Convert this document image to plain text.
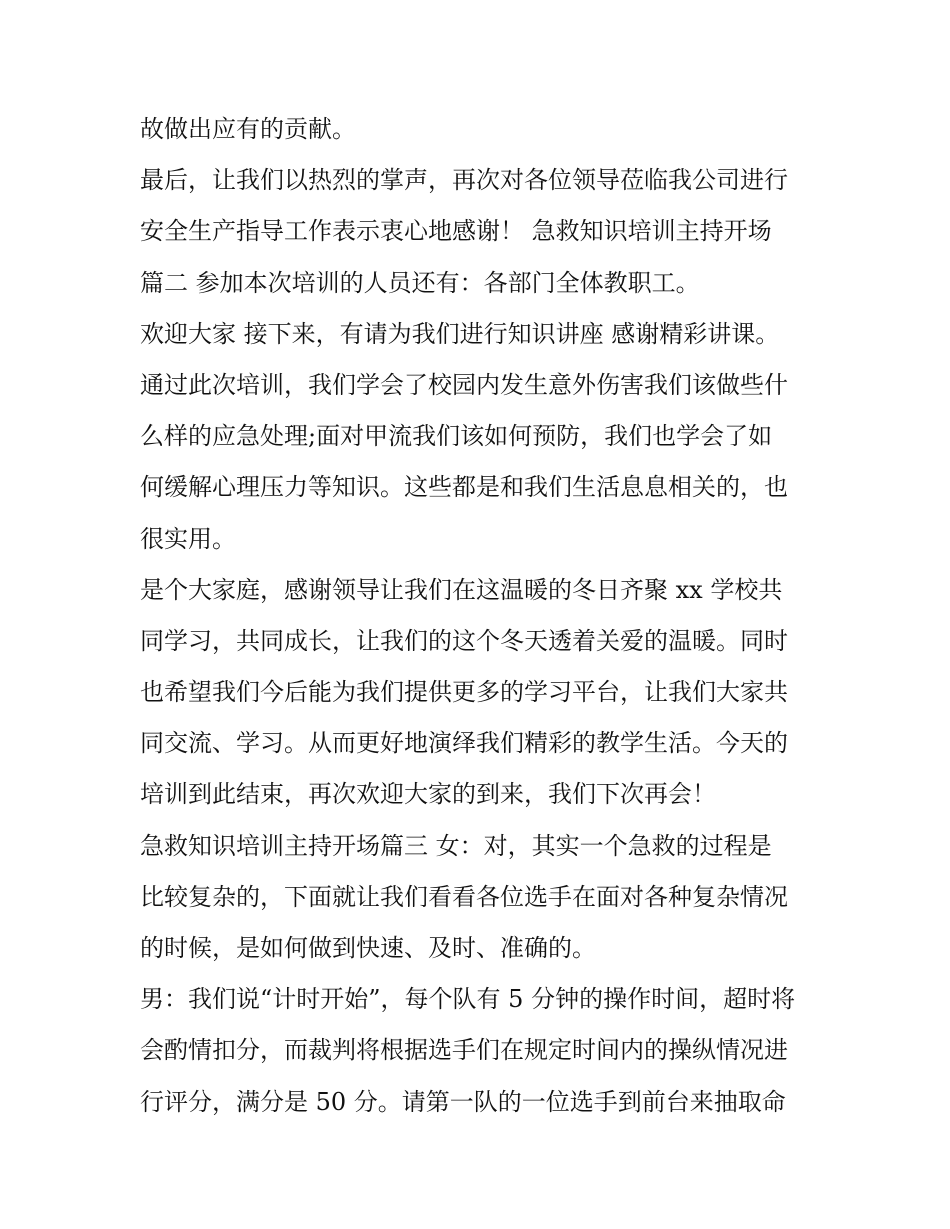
故做出应有的贡献。
最后，让我们以热烈的掌声，再次对各位领导莅临我公司进行
安全生产指导工作表示衷心地感谢！ 急救知识培训主持开场
篇二 参加本次培训的人员还有：各部门全体教职工。
欢迎大家 接下来，有请为我们进行知识讲座 感谢精彩讲课。
通过此次培训，我们学会了校园内发生意外伤害我们该做些什
么样的应急处理;面对甲流我们该如何预防，我们也学会了如
何缓解心理压力等知识。这些都是和我们生活息息相关的，也
很实用。
是个大家庭，感谢领导让我们在这温暖的冬日齐聚 xx 学校共
同学习，共同成长，让我们的这个冬天透着关爱的温暖。同时
也希望我们今后能为我们提供更多的学习平台，让我们大家共
同交流、学习。从而更好地演绎我们精彩的教学生活。今天的
培训到此结束，再次欢迎大家的到来，我们下次再会！
急救知识培训主持开场篇三 女：对，其实一个急救的过程是
比较复杂的，下面就让我们看看各位选手在面对各种复杂情况
的时候，是如何做到快速、及时、准确的。
男：我们说“计时开始”，每个队有 5 分钟的操作时间，超时将
会酌情扣分，而裁判将根据选手们在规定时间内的操纵情况进
行评分，满分是 50 分。请第一队的一位选手到前台来抽取命
